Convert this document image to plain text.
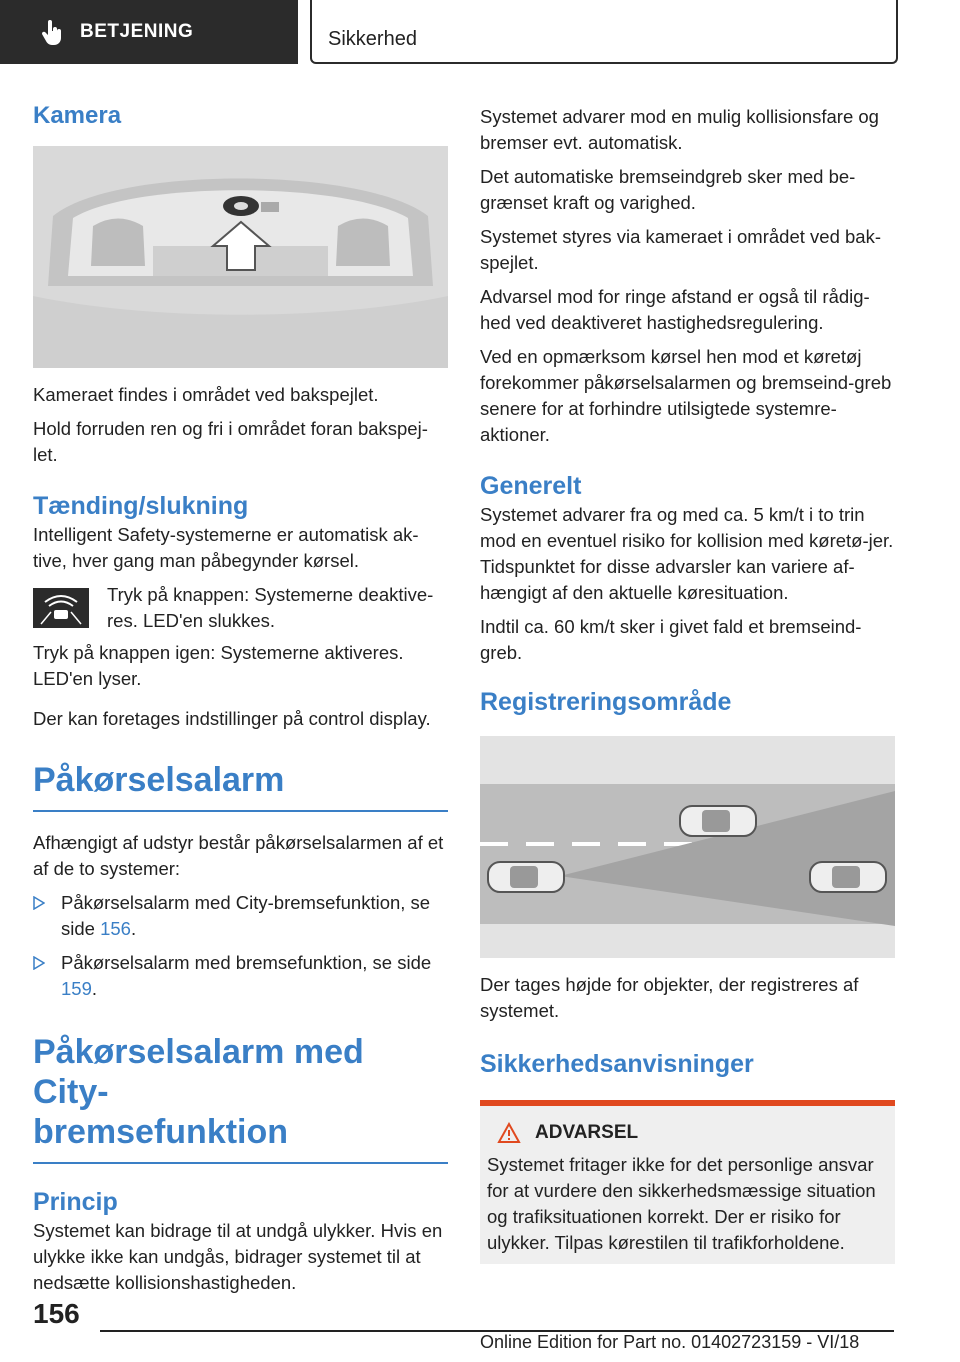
BETJENING	Sikkerhed
Kamera

Kameraet findes i området ved bakspejlet.

Hold forruden ren og fri i området foran bakspej-let.

Tænding/slukning

Intelligent Safety-systemerne er automatisk ak-tive, hver gang man påbegynder kørsel.

Tryk på knappen: Systemerne deaktive-res. LED'en slukkes.

Tryk på knappen igen: Systemerne aktiveres. LED'en lyser.

Der kan foretages indstillinger på control display.

Påkørselsalarm

Afhængigt af udstyr består påkørselsalarmen af et af de to systemer:

Påkørselsalarm med City-bremsefunktion, se side 156.

Påkørselsalarm med bremsefunktion, se side 159.

Påkørselsalarm med City-
bremsefunktion
Princip

Systemet kan bidrage til at undgå ulykker. Hvis en ulykke ikke kan undgås, bidrager systemet til at nedsætte kollisionshastigheden.

Systemet advarer mod en mulig kollisionsfare og bremser evt. automatisk.

Det automatiske bremseindgreb sker med be-grænset kraft og varighed.

Systemet styres via kameraet i området ved bak-spejlet.

Advarsel mod for ringe afstand er også til rådig-hed ved deaktiveret hastighedsregulering.

Ved en opmærksom kørsel hen mod et køretøj forekommer påkørselsalarmen og bremseind-greb senere for at forhindre utilsigtede systemre-aktioner.

Generelt

Systemet advarer fra og med ca. 5 km/t i to trin mod en eventuel risiko for kollision med køretø-jer. Tidspunktet for disse advarsler kan variere af-hængigt af den aktuelle køresituation.

Indtil ca. 60 km/t sker i givet fald et bremseind-greb.

Registreringsområde

Der tages højde for objekter, der registreres af systemet.

Sikkerhedsanvisninger
ADVARSEL

Systemet fritager ikke for det personlige ansvar for at vurdere den sikkerhedsmæssige situation og trafiksituationen korrekt. Der er risiko for ulykker. Tilpas kørestilen til trafikforholdene.

156
Online Edition for Part no. 01402723159 - VI/18
